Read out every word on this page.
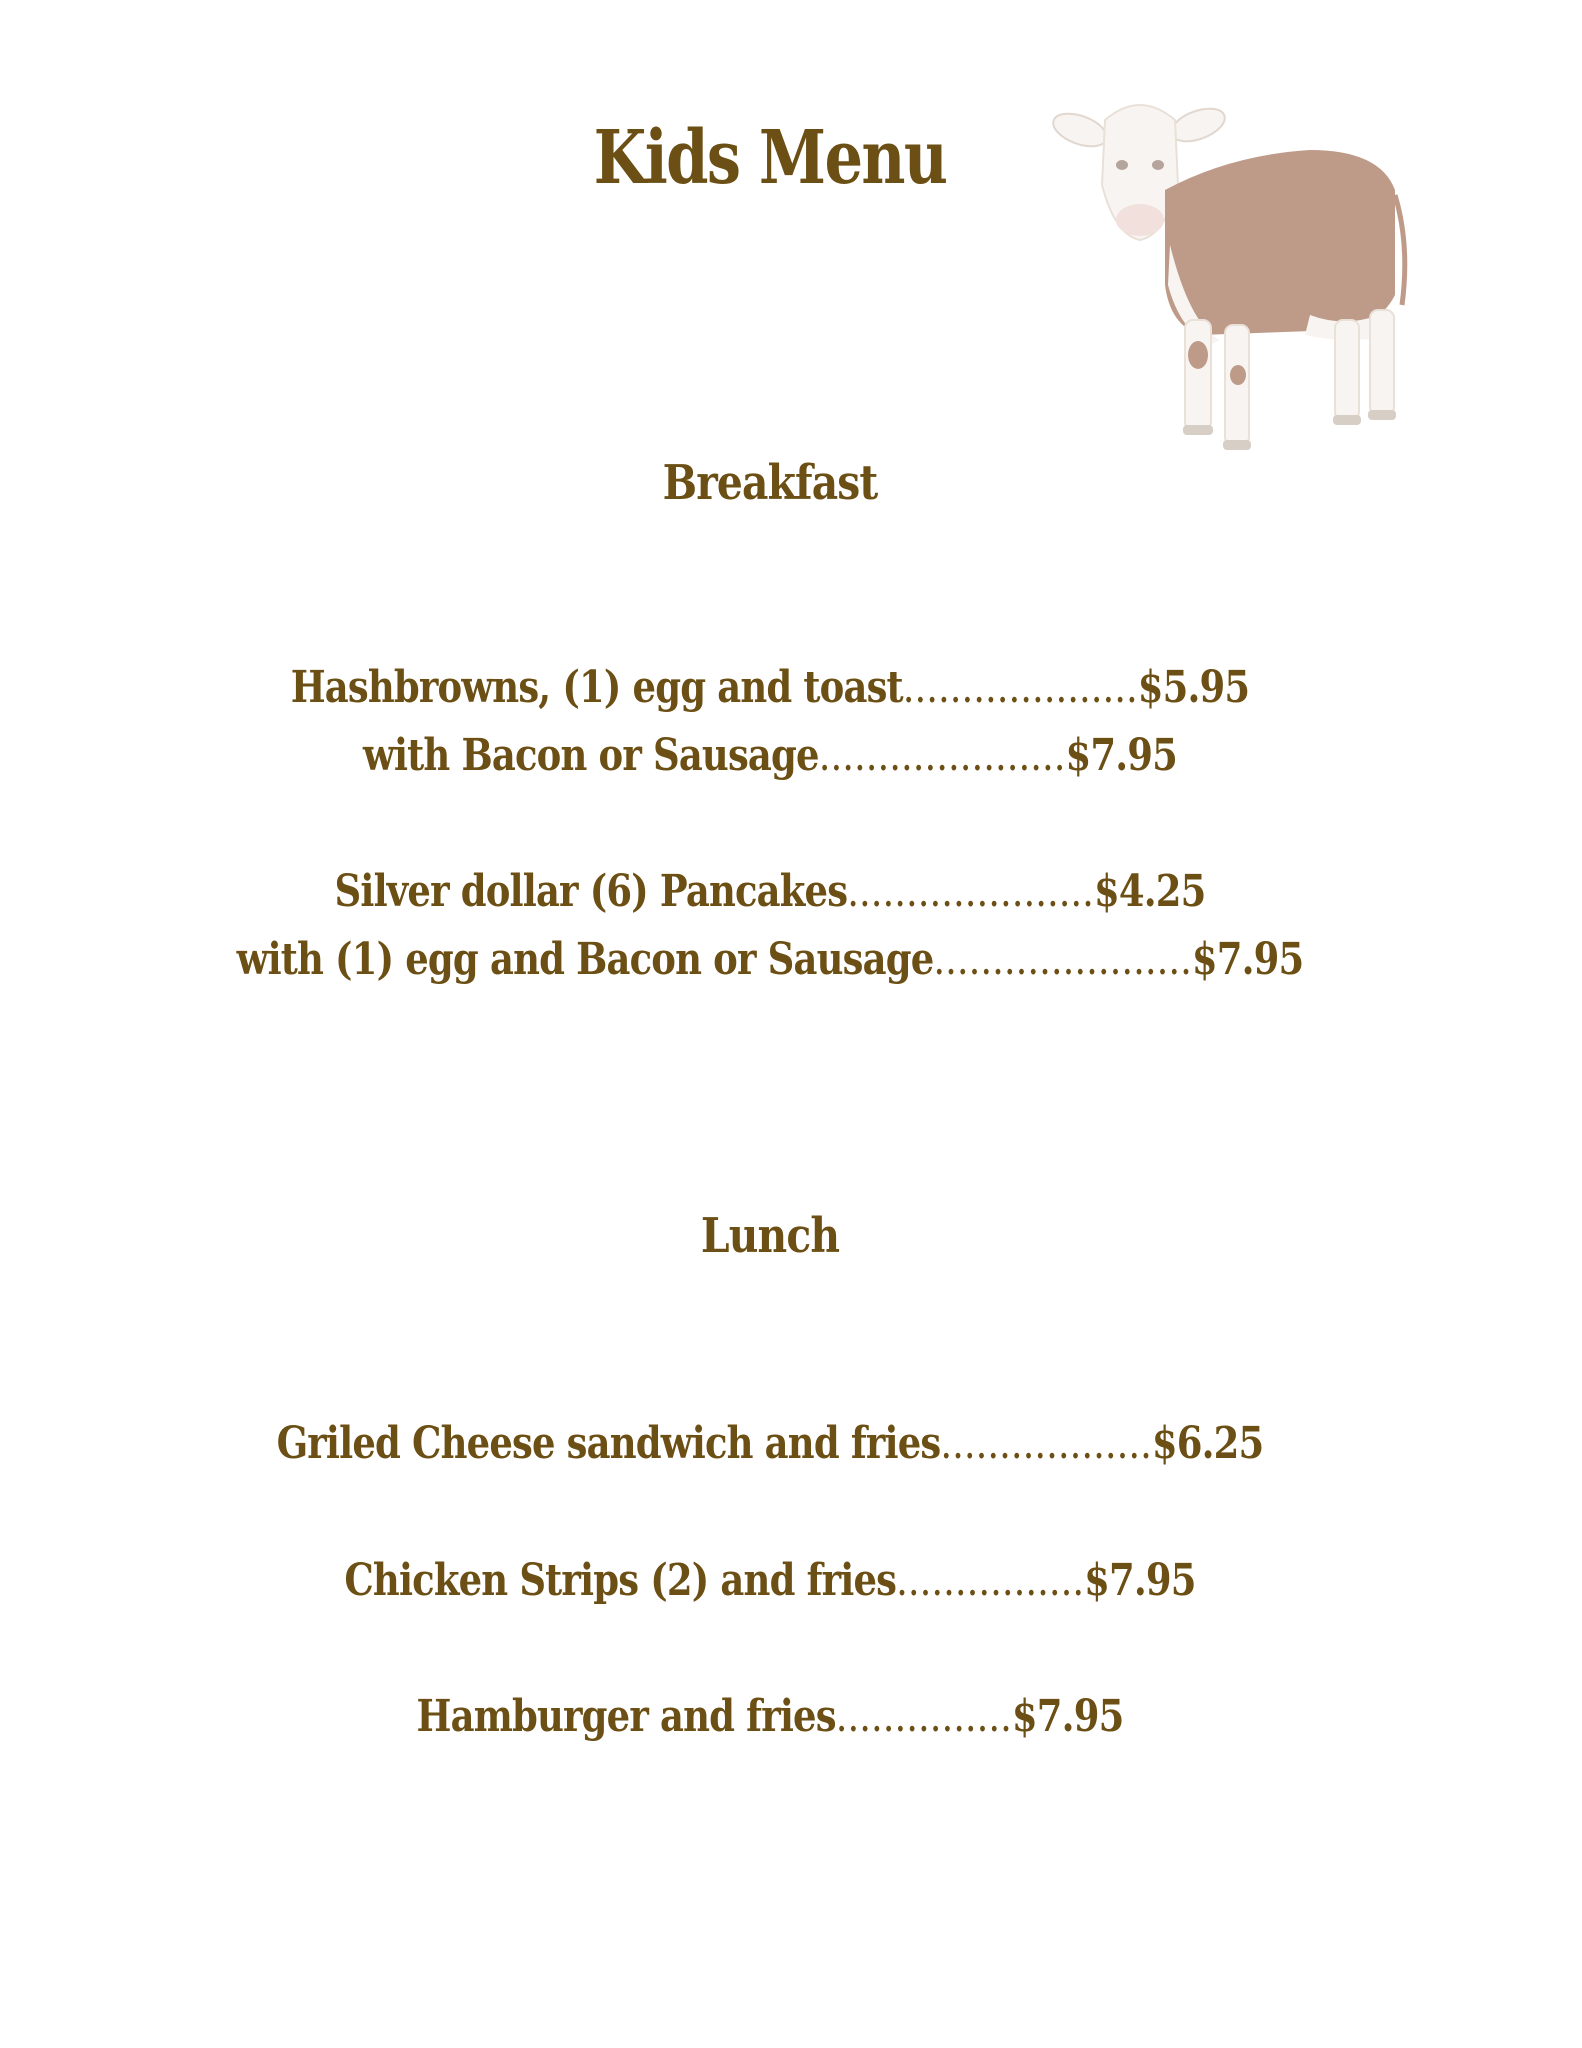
Kids Menu
Breakfast
Hashbrowns, (1) egg and toast....................$5.95
with Bacon or Sausage.....................$7.95
Silver dollar (6) Pancakes.....................$4.25
with (1) egg and Bacon or Sausage......................$7.95
Lunch
Griled Cheese sandwich and fries..................$6.25
Chicken Strips (2) and fries................$7.95
Hamburger and fries...............$7.95
